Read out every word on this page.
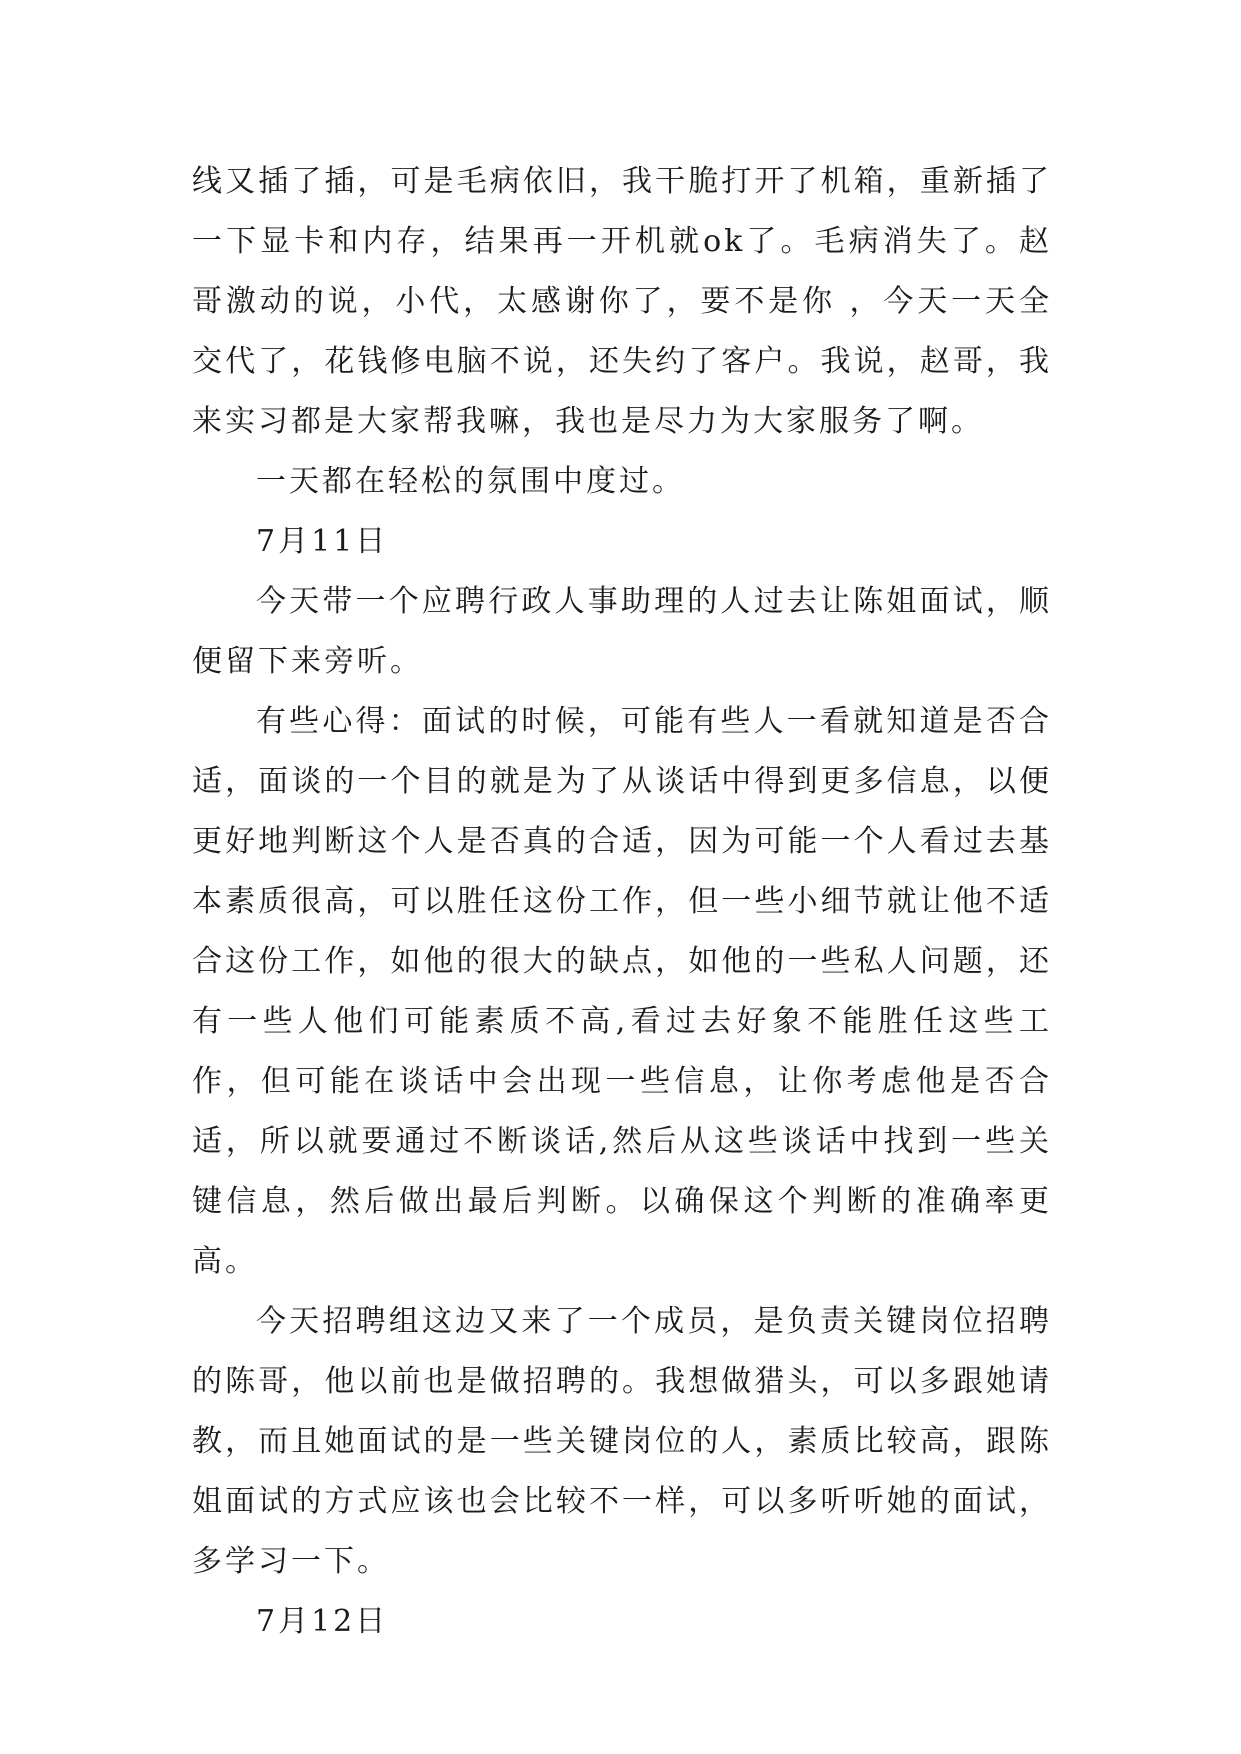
线又插了插，可是毛病依旧，我干脆打开了机箱，重新插了一下显卡和内存，结果再一开机就ok了。毛病消失了。赵哥激动的说，小代，太感谢你了，要不是你 ，今天一天全交代了，花钱修电脑不说，还失约了客户。我说，赵哥，我来实习都是大家帮我嘛，我也是尽力为大家服务了啊。

一天都在轻松的氛围中度过。

7月11日

今天带一个应聘行政人事助理的人过去让陈姐面试，顺便留下来旁听。

有些心得：面试的时候，可能有些人一看就知道是否合适，面谈的一个目的就是为了从谈话中得到更多信息，以便更好地判断这个人是否真的合适，因为可能一个人看过去基本素质很高，可以胜任这份工作，但一些小细节就让他不适合这份工作，如他的很大的缺点，如他的一些私人问题，还有一些人他们可能素质不高,看过去好象不能胜任这些工作，但可能在谈话中会出现一些信息，让你考虑他是否合适，所以就要通过不断谈话,然后从这些谈话中找到一些关键信息，然后做出最后判断。以确保这个判断的准确率更高。

今天招聘组这边又来了一个成员，是负责关键岗位招聘的陈哥，他以前也是做招聘的。我想做猎头，可以多跟她请教，而且她面试的是一些关键岗位的人，素质比较高，跟陈姐面试的方式应该也会比较不一样，可以多听听她的面试，多学习一下。

7月12日
